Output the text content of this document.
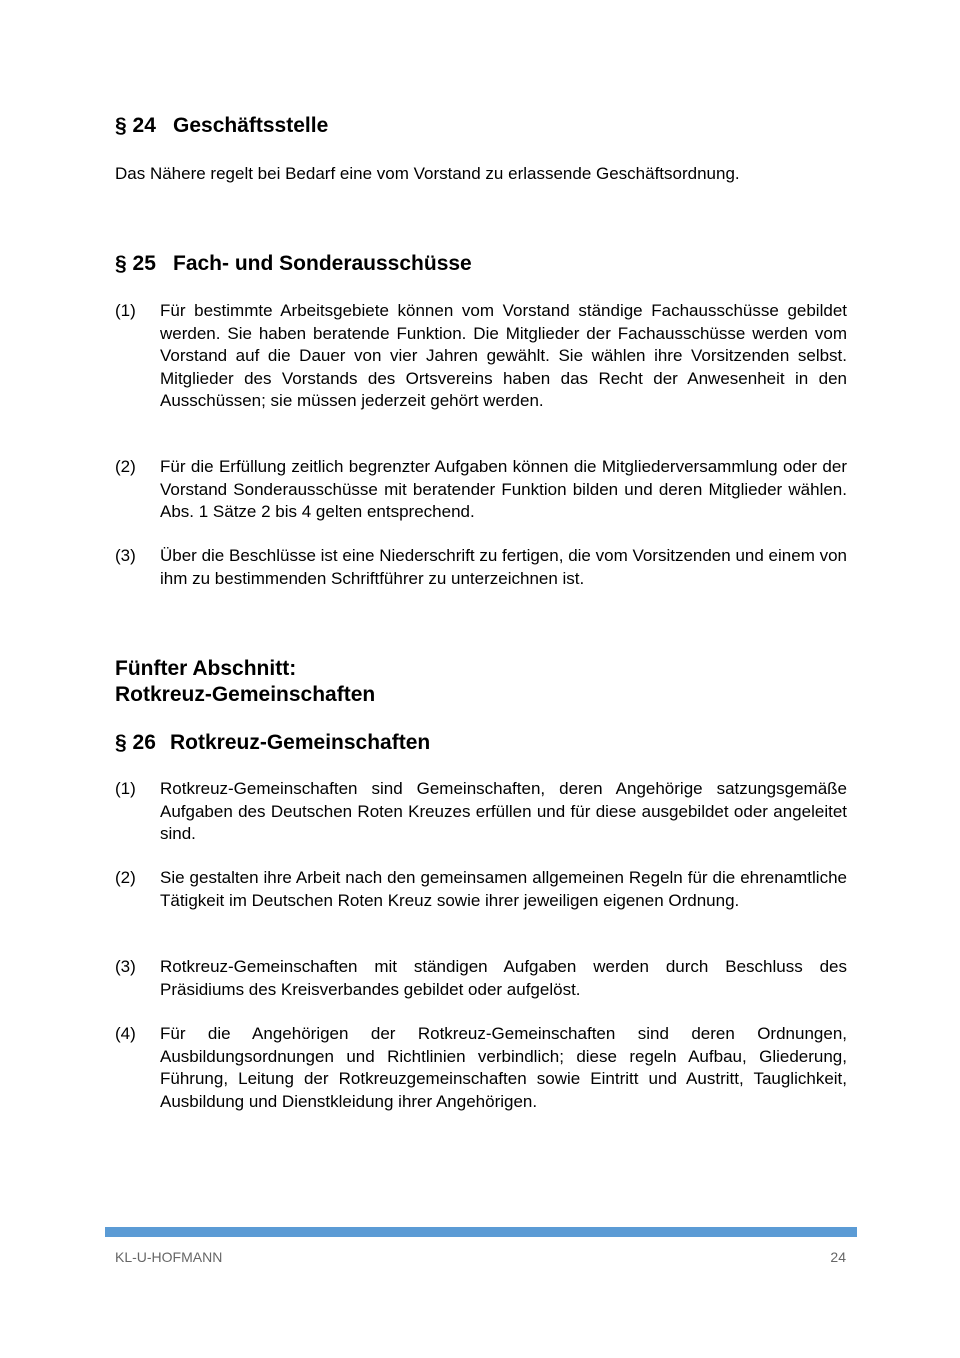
§ 24 Geschäftsstelle

Das Nähere regelt bei Bedarf eine vom Vorstand zu erlassende Geschäftsordnung.

§ 25 Fach- und Sonderausschüsse
(1)	Für bestimmte Arbeitsgebiete können vom Vorstand ständige Fachausschüsse gebildet werden. Sie haben beratende Funktion. Die Mitglieder der Fachausschüsse werden vom Vorstand auf die Dauer von vier Jahren gewählt. Sie wählen ihre Vorsitzenden selbst. Mitglieder des Vorstands des Ortsvereins haben das Recht der Anwesenheit in den Ausschüssen; sie müssen jederzeit gehört werden.
(2)	Für die Erfüllung zeitlich begrenzter Aufgaben können die Mitgliederversammlung oder der Vorstand Sonderausschüsse mit beratender Funktion bilden und deren Mitglieder wählen. Abs. 1 Sätze 2 bis 4 gelten entsprechend.
(3)	Über die Beschlüsse ist eine Niederschrift zu fertigen, die vom Vorsitzenden und einem von ihm zu bestimmenden Schriftführer zu unterzeichnen ist.
Fünfter Abschnitt:
Rotkreuz-Gemeinschaften
§ 26 Rotkreuz-Gemeinschaften
(1)	Rotkreuz-Gemeinschaften sind Gemeinschaften, deren Angehörige satzungsgemäße Aufgaben des Deutschen Roten Kreuzes erfüllen und für diese ausgebildet oder angeleitet sind.
(2)	Sie gestalten ihre Arbeit nach den gemeinsamen allgemeinen Regeln für die ehrenamtliche Tätigkeit im Deutschen Roten Kreuz sowie ihrer jeweiligen eigenen Ordnung.
(3)	Rotkreuz-Gemeinschaften mit ständigen Aufgaben werden durch Beschluss des Präsidiums des Kreisverbandes gebildet oder aufgelöst.
(4)	Für die Angehörigen der Rotkreuz-Gemeinschaften sind deren Ordnungen, Ausbildungsordnungen und Richtlinien verbindlich; diese regeln Aufbau, Gliederung, Führung, Leitung der Rotkreuzgemeinschaften sowie Eintritt und Austritt, Tauglichkeit, Ausbildung und Dienstkleidung ihrer Angehörigen.
KL-U-HOFMANN	24
